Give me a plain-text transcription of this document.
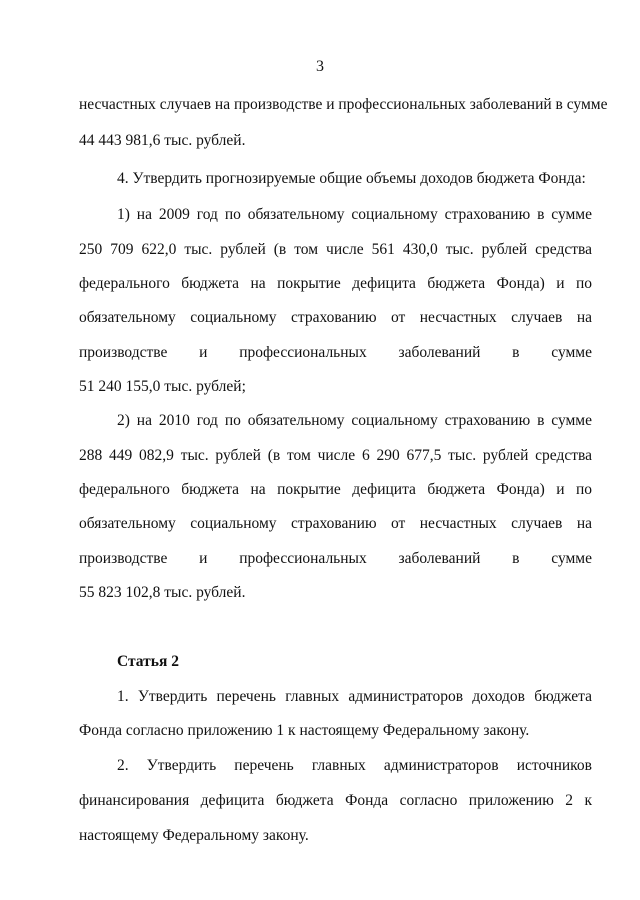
3
несчастных случаев на производстве и профессиональных заболеваний в сумме
44 443 981,6 тыс. рублей.
4. Утвердить прогнозируемые общие объемы доходов бюджета Фонда:
1) на 2009 год по обязательному социальному страхованию в сумме
250 709 622,0 тыс. рублей (в том числе 561 430,0 тыс. рублей средства
федерального бюджета на покрытие дефицита бюджета Фонда) и по
обязательному социальному страхованию от несчастных случаев на
производстве и профессиональных заболеваний в сумме
51 240 155,0 тыс. рублей;
2) на 2010 год по обязательному социальному страхованию в сумме
288 449 082,9 тыс. рублей (в том числе 6 290 677,5 тыс. рублей средства
федерального бюджета на покрытие дефицита бюджета Фонда) и по
обязательному социальному страхованию от несчастных случаев на
производстве и профессиональных заболеваний в сумме
55 823 102,8 тыс. рублей.
Статья 2
1. Утвердить перечень главных администраторов доходов бюджета
Фонда согласно приложению 1 к настоящему Федеральному закону.
2. Утвердить перечень главных администраторов источников
финансирования дефицита бюджета Фонда согласно приложению 2 к
настоящему Федеральному закону.
